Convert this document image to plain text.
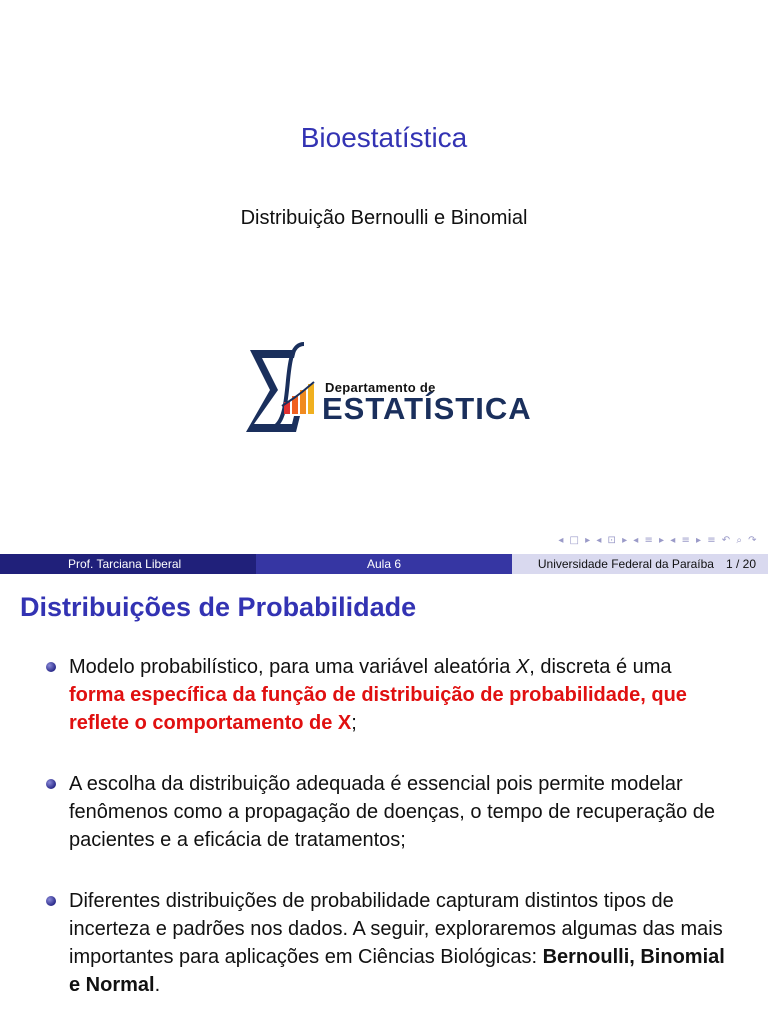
Bioestatística
Distribuição Bernoulli e Binomial
Departamento de
ESTATÍSTICA
◂ □ ▸ ◂ ⊡ ▸ ◂ ≡ ▸ ◂ ≡ ▸ ≡ ↶ ⌕ ↷
Prof. Tarciana Liberal	Aula 6	Universidade Federal da Paraíba 1 / 20
Distribuições de Probabilidade
Modelo probabilístico, para uma variável aleatória X, discreta é uma forma específica da função de distribuição de probabilidade, que reflete o comportamento de X;
A escolha da distribuição adequada é essencial pois permite modelar fenômenos como a propagação de doenças, o tempo de recuperação de pacientes e a eficácia de tratamentos;
Diferentes distribuições de probabilidade capturam distintos tipos de incerteza e padrões nos dados. A seguir, exploraremos algumas das mais importantes para aplicações em Ciências Biológicas: Bernoulli, Binomial e Normal.
